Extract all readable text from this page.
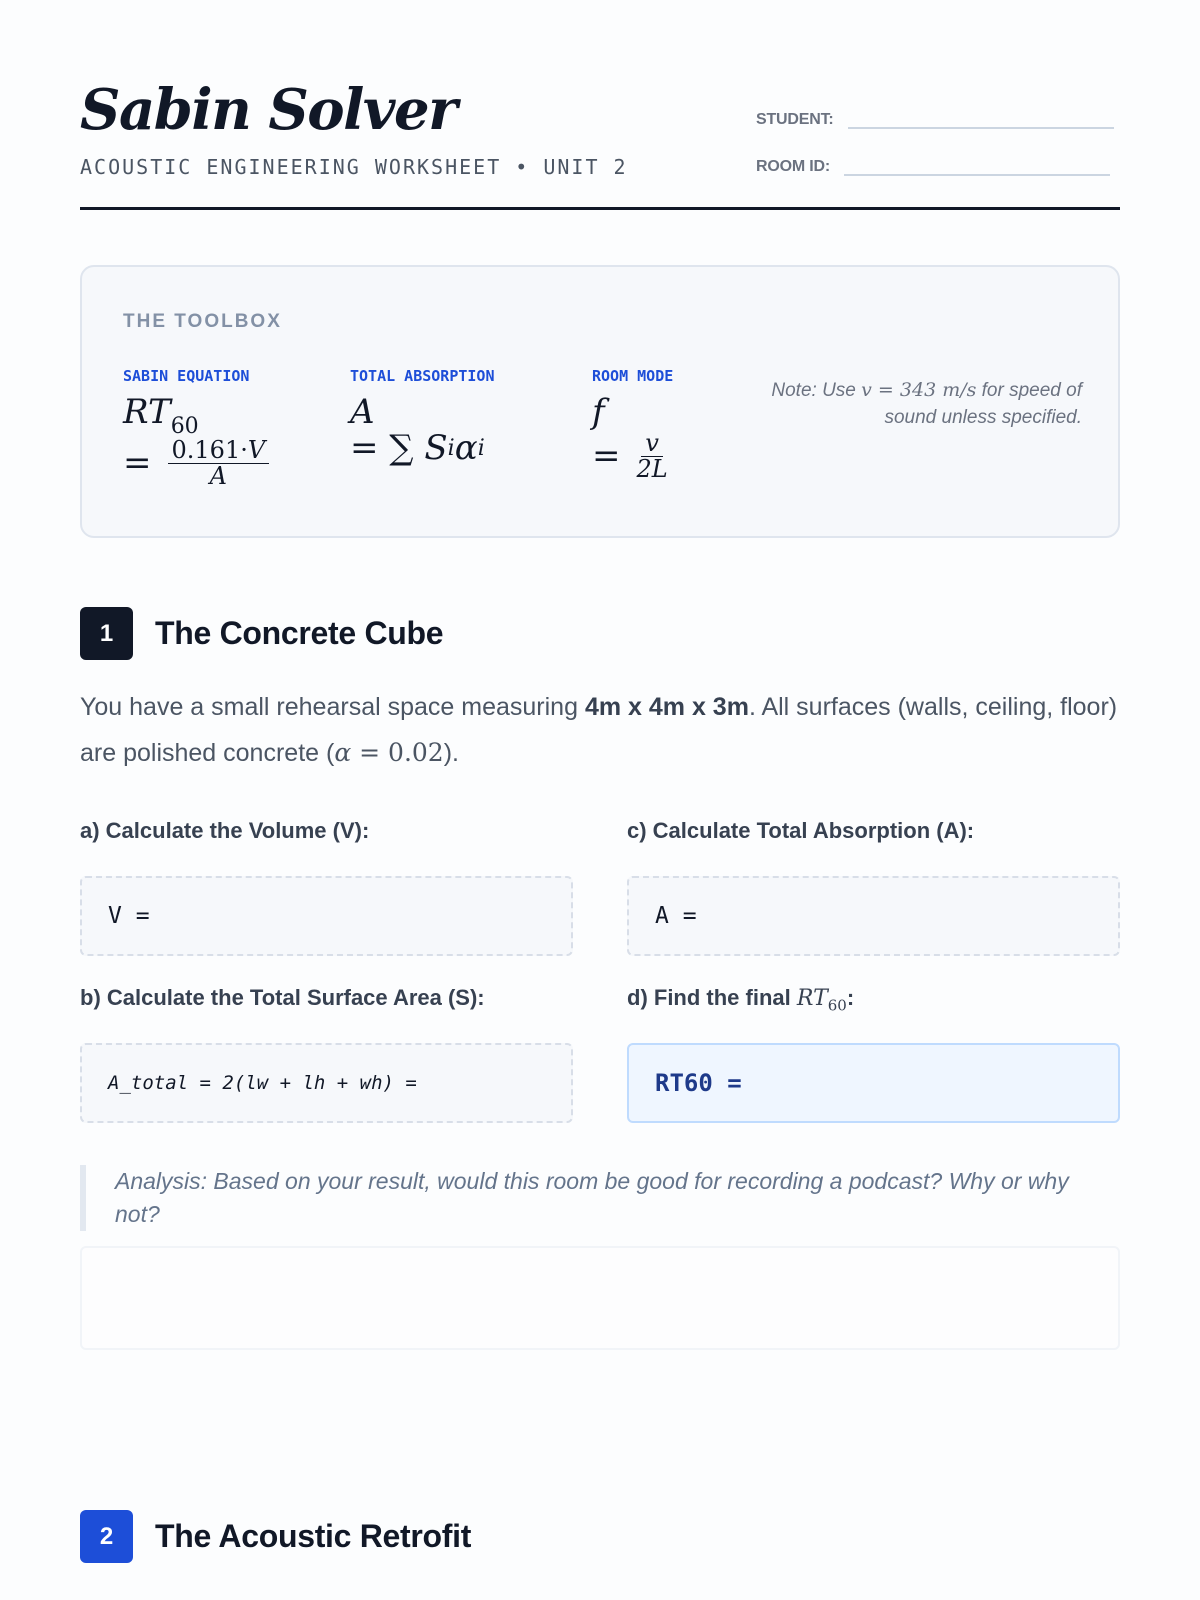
Sabin Solver
ACOUSTIC ENGINEERING WORKSHEET • UNIT 2
STUDENT:
ROOM ID:
THE TOOLBOX
SABIN EQUATION
$RT_{60}$
= $\frac{0.161\cdot V}{A}$
TOTAL ABSORPTION
A
= ∑ S i α i
ROOM MODE
f
= $\frac{v}{2L}$
Note: Use v = 343 m/s for speed of sound unless specified.
1	The Concrete Cube
You have a small rehearsal space measuring 4m x 4m x 3m. All surfaces (walls, ceiling, floor) are polished concrete (α = 0.02).
a) Calculate the Volume (V):
V =
c) Calculate Total Absorption (A):
A =
b) Calculate the Total Surface Area (S):
A_total = 2(lw + lh + wh) =
d) Find the final $RT_{60}$:
RT60 =
Analysis: Based on your result, would this room be good for recording a podcast? Why or why not?
2	The Acoustic Retrofit
